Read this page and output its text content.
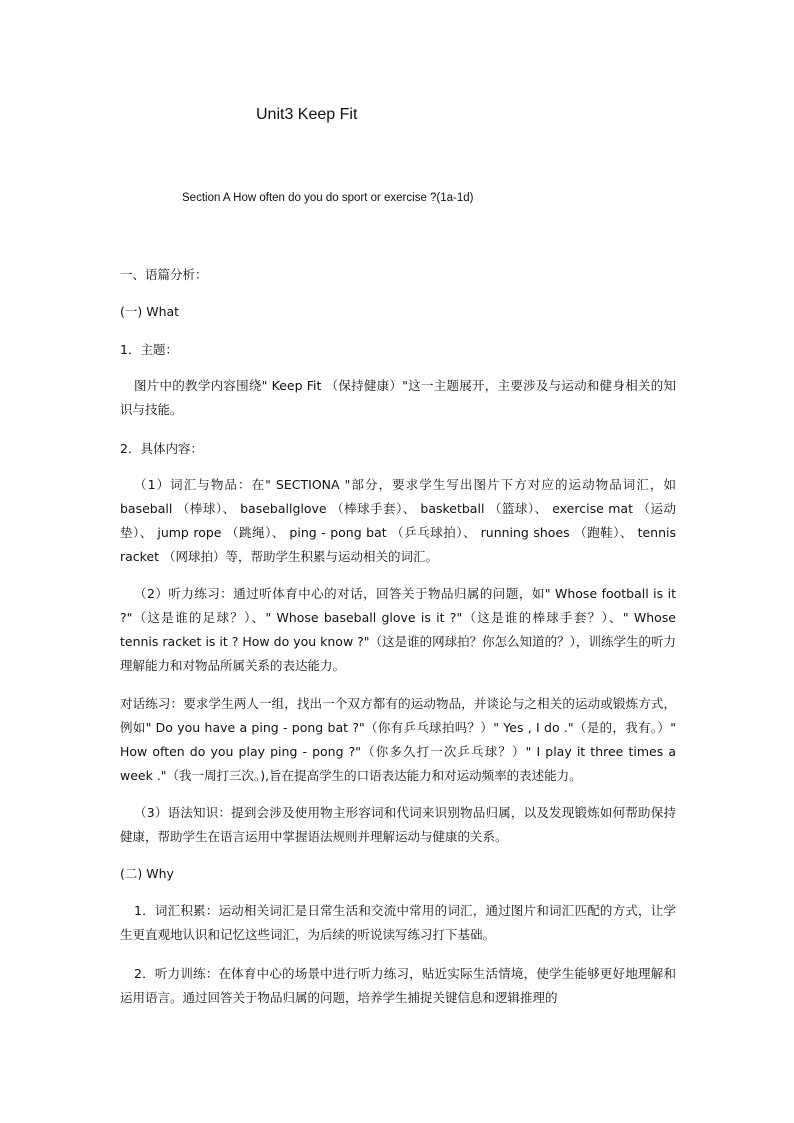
Unit3 Keep Fit
Section A How often do you do sport or exercise ?(1a-1d)
一、语篇分析：
(一) What
1．主题：
图片中的教学内容围绕" Keep Fit （保持健康）"这一主题展开，主要涉及与运动和健身相关的知识与技能。
2．具体内容：
（1）词汇与物品：在" SECTIONA "部分，要求学生写出图片下方对应的运动物品词汇，如 baseball （棒球）、 baseballglove （棒球手套）、 basketball （篮球）、 exercise mat （运动垫）、 jump rope （跳绳）、 ping - pong bat （乒乓球拍）、 running shoes （跑鞋）、 tennis racket （网球拍）等，帮助学生积累与运动相关的词汇。
（2）听力练习：通过听体育中心的对话，回答关于物品归属的问题，如" Whose football is it ?"（这是谁的足球？）、" Whose baseball glove is it ?"（这是谁的棒球手套？）、" Whose tennis racket is it ? How do you know ?"（这是谁的网球拍？你怎么知道的？），训练学生的听力理解能力和对物品所属关系的表达能力。
对话练习：要求学生两人一组，找出一个双方都有的运动物品，并谈论与之相关的运动或锻炼方式，例如" Do you have a ping - pong bat ?"（你有乒乓球拍吗？）" Yes , I do ."（是的，我有。）" How often do you play ping - pong ?"（你多久打一次乒乓球？）" I play it three times a week ."（我一周打三次。),旨在提高学生的口语表达能力和对运动频率的表述能力。
（3）语法知识：提到会涉及使用物主形容词和代词来识别物品归属，以及发现锻炼如何帮助保持健康，帮助学生在语言运用中掌握语法规则并理解运动与健康的关系。
(二) Why
1．词汇积累：运动相关词汇是日常生活和交流中常用的词汇，通过图片和词汇匹配的方式，让学生更直观地认识和记忆这些词汇，为后续的听说读写练习打下基础。
2．听力训练：在体育中心的场景中进行听力练习，贴近实际生活情境，使学生能够更好地理解和运用语言。通过回答关于物品归属的问题，培养学生捕捉关键信息和逻辑推理的
